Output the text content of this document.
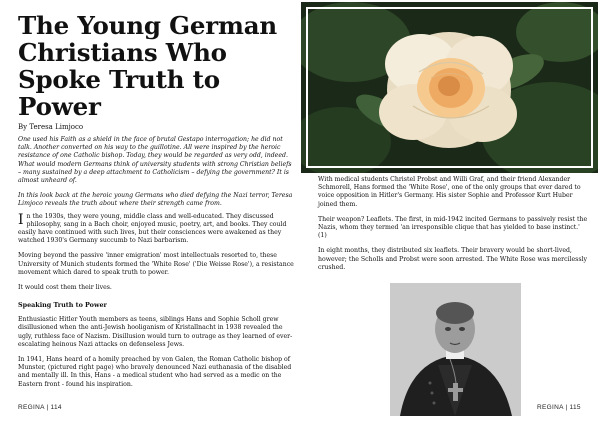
The Young German
Christians Who
Spoke Truth to
Power
By Teresa Limjoco
One used his Faith as a shield in the face of brutal Gestapo interrogation; he did not talk. Another converted on his way to the guillotine. All were inspired by the heroic resistance of one Catholic bishop. Today, they would be regarded as very odd, indeed. What would modern Germans think of university students with strong Christian beliefs – many sustained by a deep attachment to Catholicism – defying the government? It is almost unheard of.
In this look back at the heroic young Germans who died defying the Nazi terror, Teresa Limjoco reveals the truth about where their strength came from.
In the 1930s, they were young, middle class and well-educated. They discussed philosophy, sang in a Bach choir, enjoyed music, poetry, art, and books. They could easily have continued with such lives, but their consciences were awakened as they watched 1930's Germany succumb to Nazi barbarism.
Moving beyond the passive 'inner emigration' most intellectuals resorted to, these University of Munich students formed the 'White Rose' ('Die Weisse Rose'), a resistance movement which dared to speak truth to power.
It would cost them their lives.
Speaking Truth to Power
Enthusiastic Hitler Youth members as teens, siblings Hans and Sophie Scholl grew disillusioned when the anti-Jewish hooliganism of Kristallnacht in 1938 revealed the ugly, ruthless face of Nazism. Disillusion would turn to outrage as they learned of ever-escalating heinous Nazi attacks on defenseless Jews.
In 1941, Hans heard of a homily preached by von Galen, the Roman Catholic bishop of Munster, (pictured right page) who bravely denounced Nazi euthanasia of the disabled and mentally ill. In this, Hans - a medical student who had served as a medic on the Eastern front - found his inspiration.
REGINA | 114

With medical students Christel Probst and Willi Graf, and their friend Alexander Schmorell, Hans formed the 'White Rose', one of the only groups that ever dared to voice opposition in Hitler's Germany. His sister Sophie and Professor Kurt Huber joined them.

Their weapon? Leaflets. The first, in mid-1942 incited Germans to passively resist the Nazis, whom they termed 'an irresponsible clique that has yielded to base instinct.' (1)

In eight months, they distributed six leaflets. Their bravery would be short-lived, however; the Scholls and Probst were soon arrested. The White Rose was mercilessly crushed.

REGINA | 115
